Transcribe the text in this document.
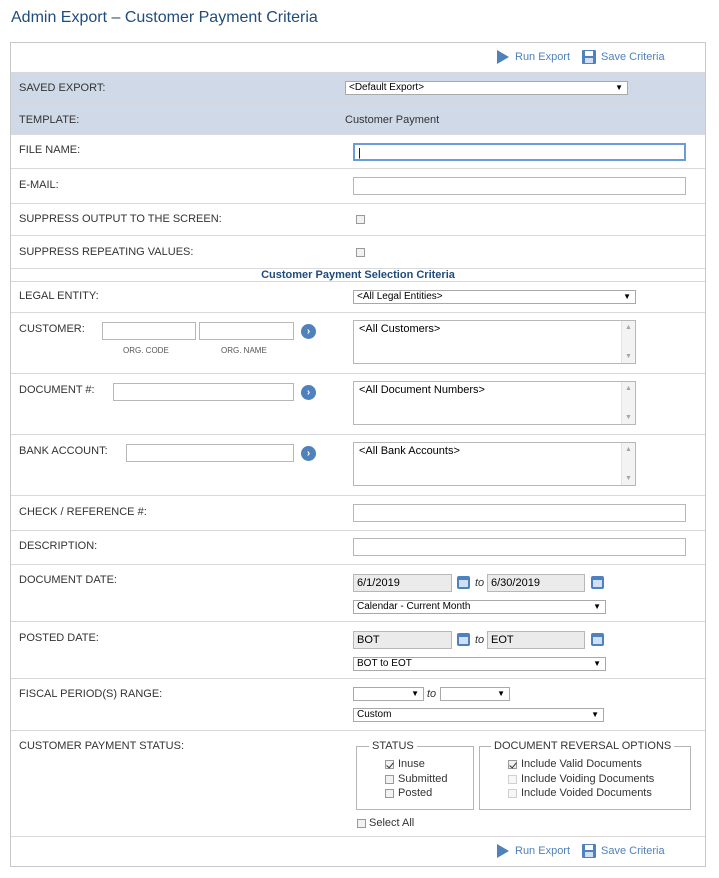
Admin Export – Customer Payment Criteria
Run Export	Save Criteria
SAVED EXPORT:	<Default Export>	▼
TEMPLATE:	Customer Payment
FILE NAME:	|
E-MAIL:
SUPPRESS OUTPUT TO THE SCREEN:
SUPPRESS REPEATING VALUES:
Customer Payment Selection Criteria
LEGAL ENTITY:	<All Legal Entities>	▼
CUSTOMER:
ORG. CODE	ORG. NAME
›	<All Customers>	▲
▼
DOCUMENT #:	›	<All Document Numbers>	▲
▼
BANK ACCOUNT:	›	<All Bank Accounts>	▲
▼
CHECK / REFERENCE #:
DESCRIPTION:
DOCUMENT DATE:	6/1/2019	to 6/30/2019
Calendar - Current Month	▼
POSTED DATE:	BOT	to EOT
BOT to EOT	▼
FISCAL PERIOD(S) RANGE:	▼ to	▼
Custom	▼
CUSTOMER PAYMENT STATUS:	STATUS
Inuse
Submitted
Posted
DOCUMENT REVERSAL OPTIONS
Include Valid Documents
Include Voiding Documents
Include Voided Documents
Select All
Run Export	Save Criteria
